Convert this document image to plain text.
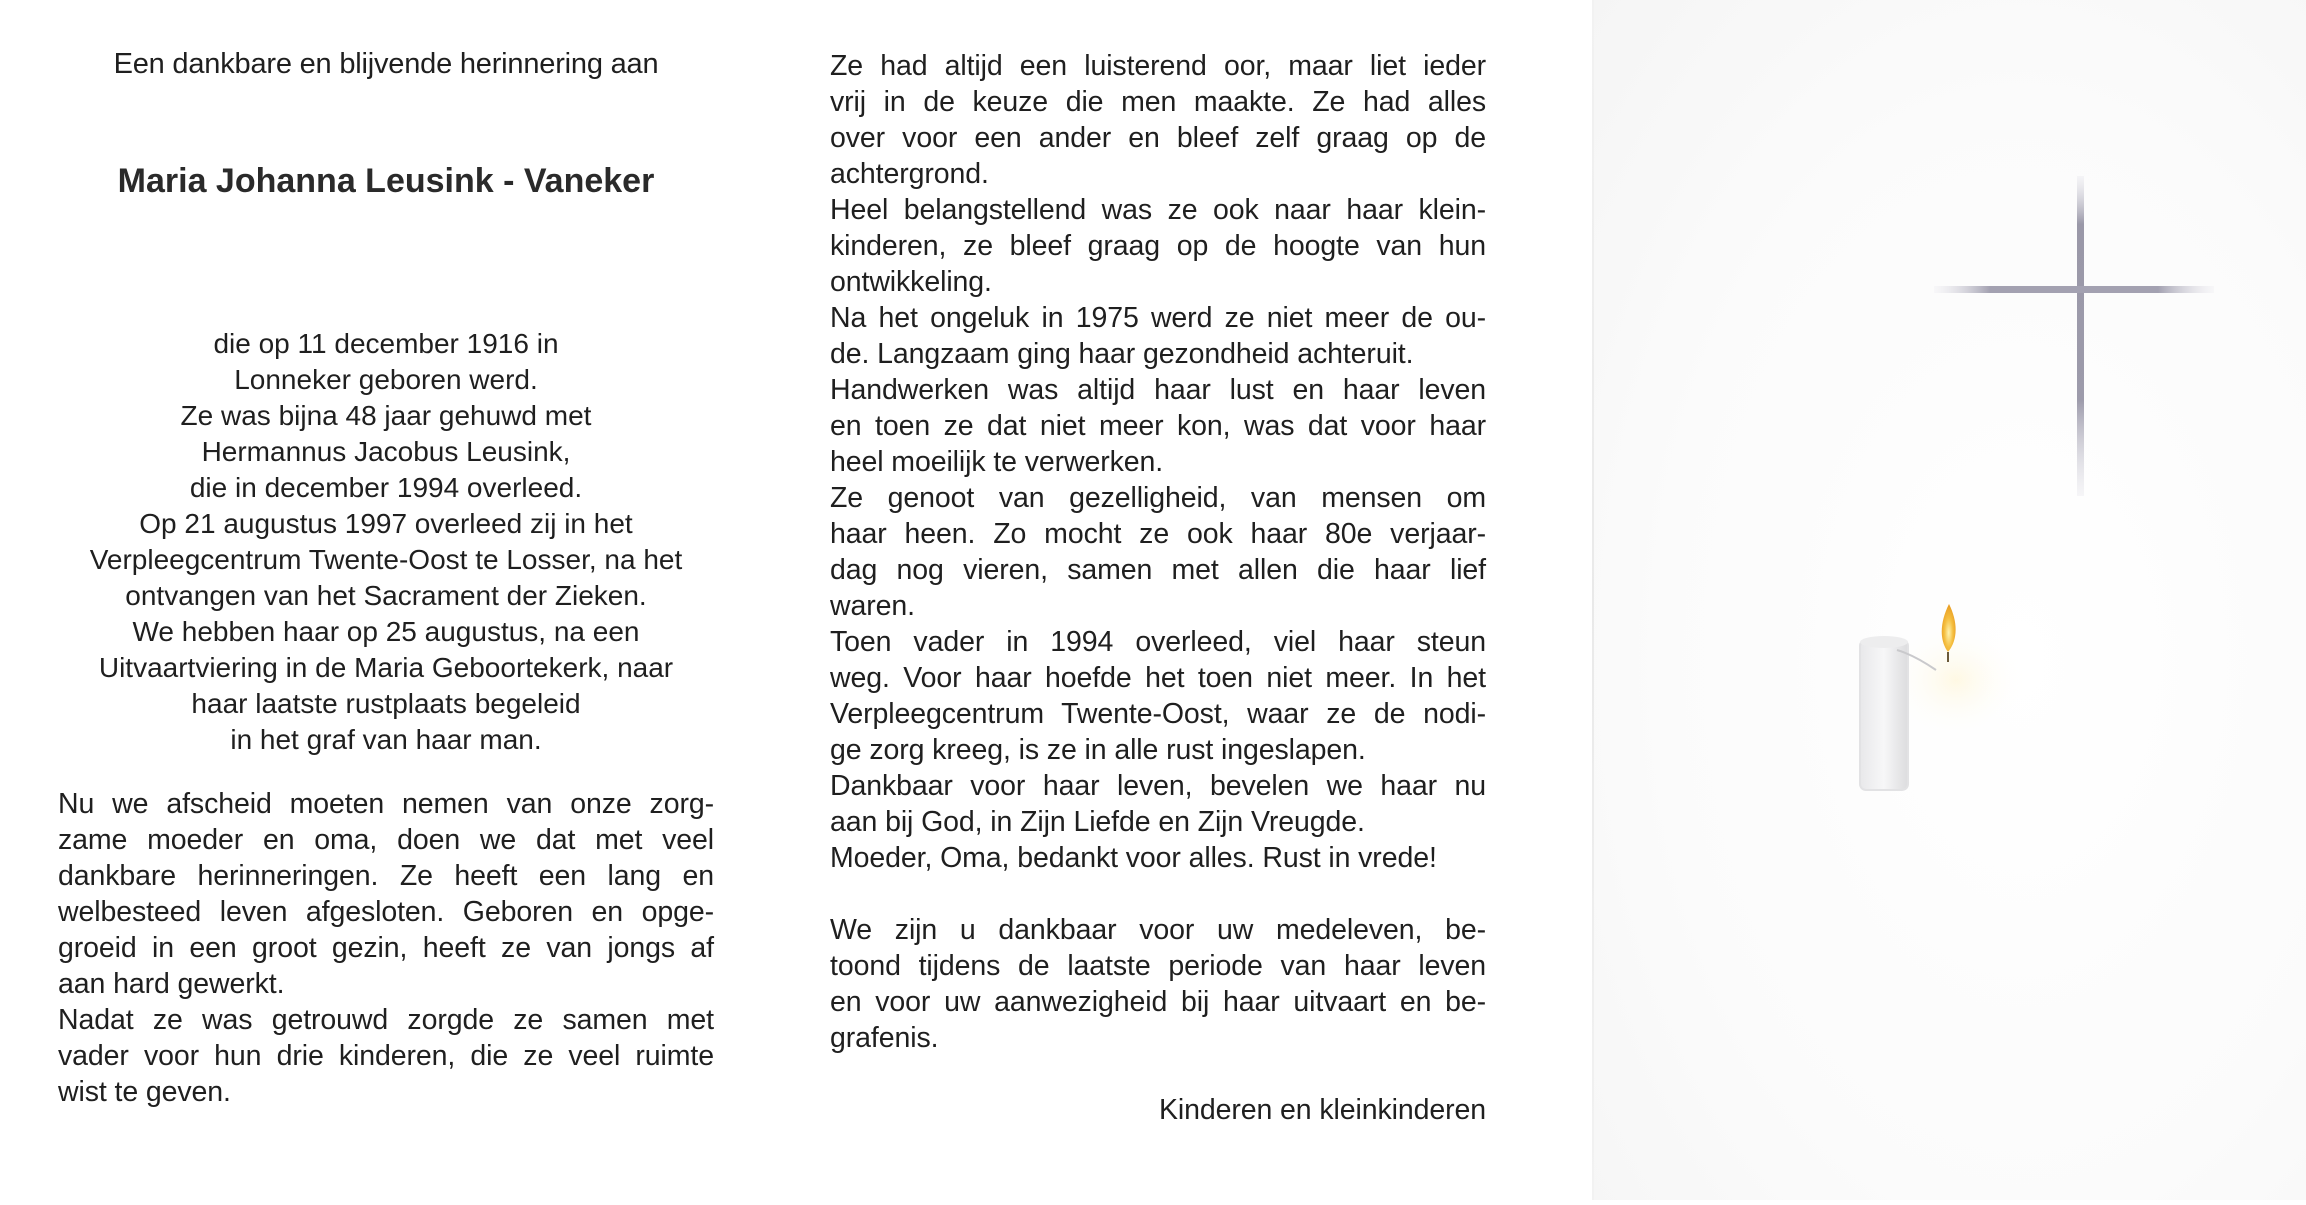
Een dankbare en blijvende herinnering aan
Maria Johanna Leusink - Vaneker
die op 11 december 1916 in
Lonneker geboren werd.
Ze was bijna 48 jaar gehuwd met
Hermannus Jacobus Leusink,
die in december 1994 overleed.
Op 21 augustus 1997 overleed zij in het
Verpleegcentrum Twente-Oost te Losser, na het
ontvangen van het Sacrament der Zieken.
We hebben haar op 25 augustus, na een
Uitvaartviering in de Maria Geboortekerk, naar
haar laatste rustplaats begeleid
in het graf van haar man.

Nu we afscheid moeten nemen van onze zorg-
zame moeder en oma, doen we dat met veel
dankbare herinneringen. Ze heeft een lang en
welbesteed leven afgesloten. Geboren en opge-
groeid in een groot gezin, heeft ze van jongs af
aan hard gewerkt.

Nadat ze was getrouwd zorgde ze samen met
vader voor hun drie kinderen, die ze veel ruimte
wist te geven.

Ze had altijd een luisterend oor, maar liet ieder
vrij in de keuze die men maakte. Ze had alles
over voor een ander en bleef zelf graag op de
achtergrond.

Heel belangstellend was ze ook naar haar klein-
kinderen, ze bleef graag op de hoogte van hun
ontwikkeling.

Na het ongeluk in 1975 werd ze niet meer de ou-
de. Langzaam ging haar gezondheid achteruit.

Handwerken was altijd haar lust en haar leven
en toen ze dat niet meer kon, was dat voor haar
heel moeilijk te verwerken.

Ze genoot van gezelligheid, van mensen om
haar heen. Zo mocht ze ook haar 80e verjaar-
dag nog vieren, samen met allen die haar lief
waren.

Toen vader in 1994 overleed, viel haar steun
weg. Voor haar hoefde het toen niet meer. In het
Verpleegcentrum Twente-Oost, waar ze de nodi-
ge zorg kreeg, is ze in alle rust ingeslapen.

Dankbaar voor haar leven, bevelen we haar nu
aan bij God, in Zijn Liefde en Zijn Vreugde.

Moeder, Oma, bedankt voor alles. Rust in vrede!

We zijn u dankbaar voor uw medeleven, be-
toond tijdens de laatste periode van haar leven
en voor uw aanwezigheid bij haar uitvaart en be-
grafenis.

Kinderen en kleinkinderen
